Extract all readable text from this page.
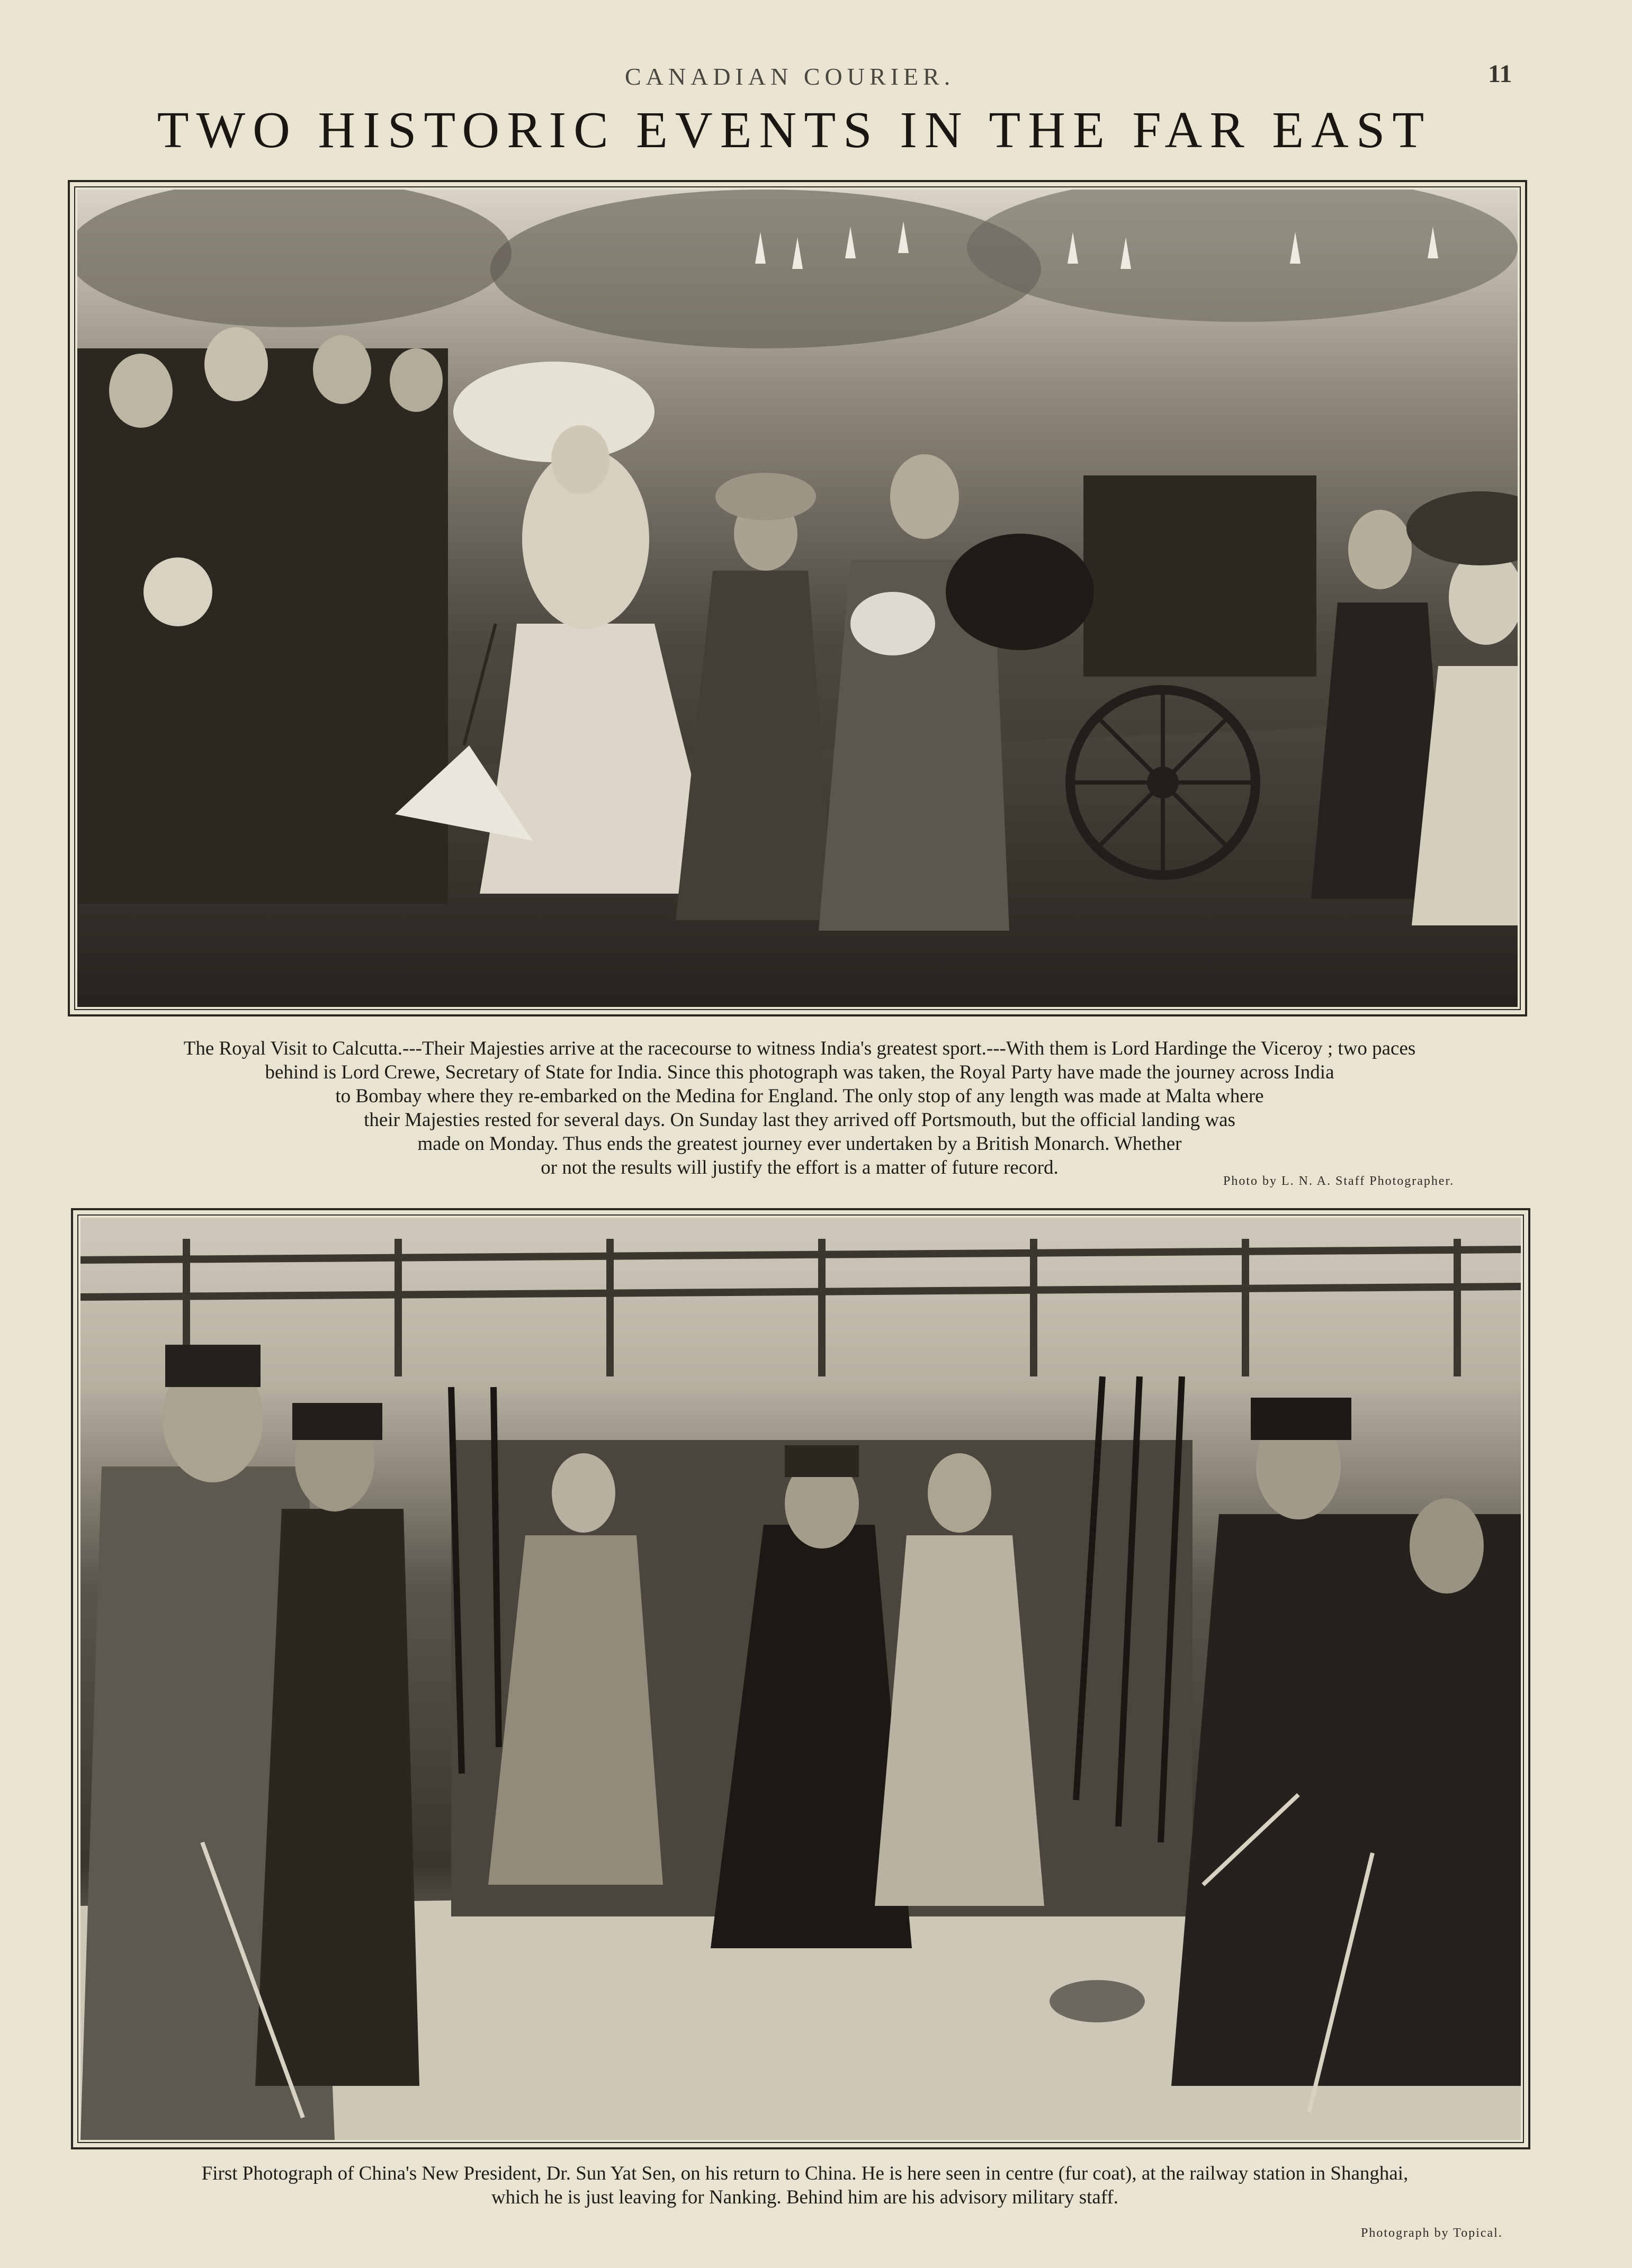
CANADIAN COURIER.	11
TWO HISTORIC EVENTS IN THE FAR EAST
The Royal Visit to Calcutta.---Their Majesties arrive at the racecourse to witness India's greatest sport.---With them is Lord Hardinge the Viceroy ; two paces
behind is Lord Crewe, Secretary of State for India. Since this photograph was taken, the Royal Party have made the journey across India
to Bombay where they re-embarked on the Medina for England. The only stop of any length was made at Malta where
their Majesties rested for several days. On Sunday last they arrived off Portsmouth, but the official landing was
made on Monday. Thus ends the greatest journey ever undertaken by a British Monarch. Whether
or not the results will justify the effort is a matter of future record.
Photo by L. N. A. Staff Photographer.
First Photograph of China's New President, Dr. Sun Yat Sen, on his return to China. He is here seen in centre (fur coat), at the railway station in Shanghai,
which he is just leaving for Nanking. Behind him are his advisory military staff.
Photograph by Topical.
